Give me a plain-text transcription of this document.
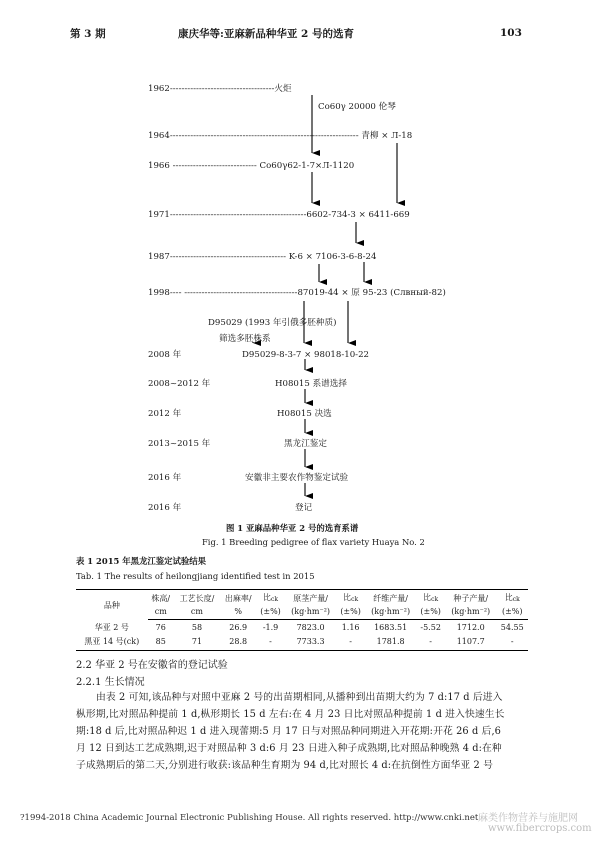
第 3 期	康庆华等:亚麻新品种华亚 2 号的选育	103
1962------------------------------------火炬
Co60γ 20000 伦琴
1964----------------------------------------------------------------- 青柳 × Л-18
1966 ----------------------------- Co60γ62-1-7×Л-1120
1971-----------------------------------------------6602-734-3 × 6411-669
1987---------------------------------------- K-6 × 7106-3-6-8-24
1998---- ---------------------------------------87019-44 × 原 95-23 (Слвный-82)
D95029 (1993 年引俄多胚种质)
筛选多胚株系
2008 年	D95029-8-3-7 × 98018-10-22
2008~2012 年	H08015 系谱选择
2012 年	H08015 决选
2013~2015 年	黑龙江鉴定
2016 年	安徽非主要农作物鉴定试验
2016 年	登记
图 1 亚麻品种华亚 2 号的选育系谱
Fig. 1 Breeding pedigree of flax variety Huaya No. 2
表 1 2015 年黑龙江鉴定试验结果
Tab. 1 The results of heilongjiang identified test in 2015
品种	株高/	工艺长度/	出麻率/	比ck	原茎产量/	比ck	纤维产量/	比ck	种子产量/	比ck
	cm	cm	%	(±%)	(kg·hm⁻²)	(±%)	(kg·hm⁻²)	(±%)	(kg·hm⁻²)	(±%)
华亚 2 号	76	58	26.9	-1.9	7823.0	1.16	1683.51	-5.52	1712.0	54.55
黑亚 14 号(ck)	85	71	28.8	-	7733.3	-	1781.8	-	1107.7	-
2.2 华亚 2 号在安徽省的登记试验
2.2.1 生长情况
由表 2 可知,该品种与对照中亚麻 2 号的出苗期相同,从播种到出苗期大约为 7 d:17 d 后进入
枞形期,比对照品种提前 1 d,枞形期长 15 d 左右:在 4 月 23 日比对照品种提前 1 d 进入快速生长
期:18 d 后,比对照品种迟 1 d 进入现蕾期:5 月 17 日与对照品种同期进入开花期:开花 26 d 后,6
月 12 日到达工艺成熟期,迟于对照品种 3 d:6 月 23 日进入种子成熟期,比对照品种晚熟 4 d:在种
子成熟期后的第二天,分别进行收获:该品种生育期为 94 d,比对照长 4 d:在抗倒性方面华亚 2 号
?1994-2018 China Academic Journal Electronic Publishing House. All rights reserved. http://www.cnki.net 麻类作物营养与施肥网
www.fibercrops.com
